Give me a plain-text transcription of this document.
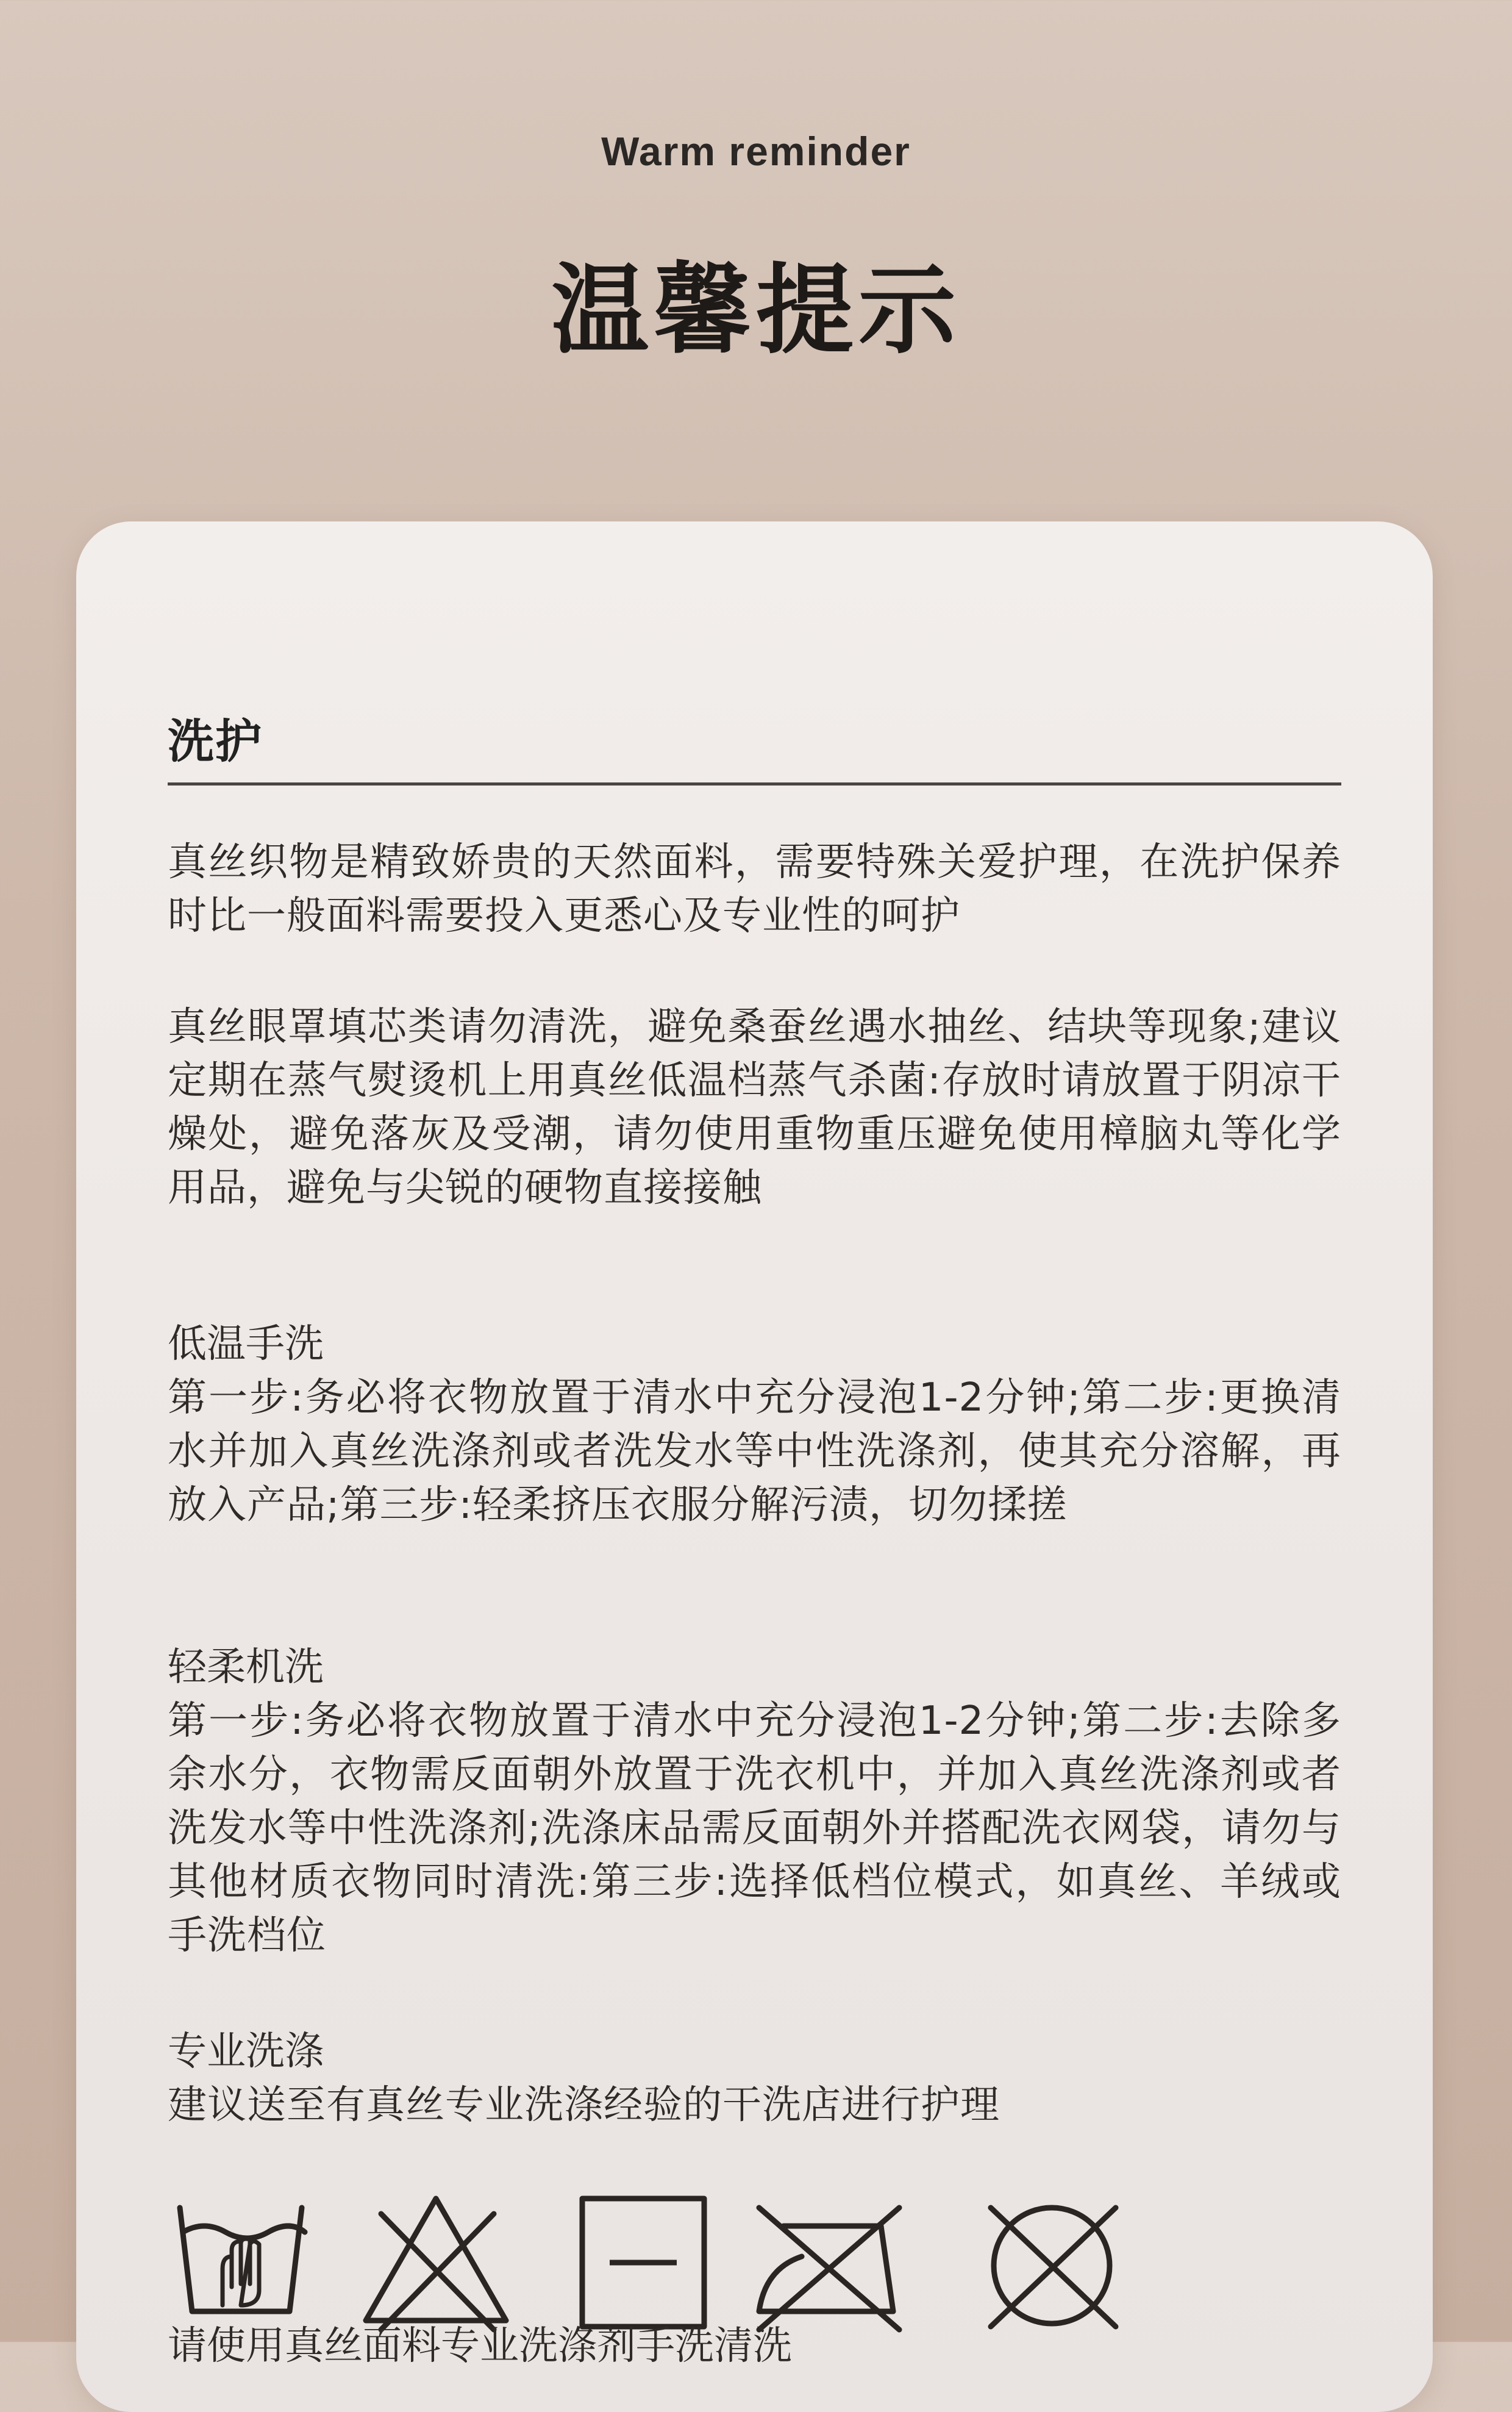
Warm reminder
温馨提示
洗护
真丝织物是精致娇贵的天然面料，需要特殊关爱护理，在洗护保养时比一般面料需要投入更悉心及专业性的呵护
真丝眼罩填芯类请勿清洗，避免桑蚕丝遇水抽丝、结块等现象;建议定期在蒸气熨烫机上用真丝低温档蒸气杀菌:存放时请放置于阴凉干燥处，避免落灰及受潮，请勿使用重物重压避免使用樟脑丸等化学用品，避免与尖锐的硬物直接接触
低温手洗
第一步:务必将衣物放置于清水中充分浸泡1-2分钟;第二步:更换清水并加入真丝洗涤剂或者洗发水等中性洗涤剂，使其充分溶解，再放入产品;第三步:轻柔挤压衣服分解污渍，切勿揉搓
轻柔机洗
第一步:务必将衣物放置于清水中充分浸泡1-2分钟;第二步:去除多余水分，衣物需反面朝外放置于洗衣机中，并加入真丝洗涤剂或者洗发水等中性洗涤剂;洗涤床品需反面朝外并搭配洗衣网袋，请勿与其他材质衣物同时清洗:第三步:选择低档位模式，如真丝、羊绒或手洗档位
专业洗涤
建议送至有真丝专业洗涤经验的干洗店进行护理
请使用真丝面料专业洗涤剂手洗清洗
